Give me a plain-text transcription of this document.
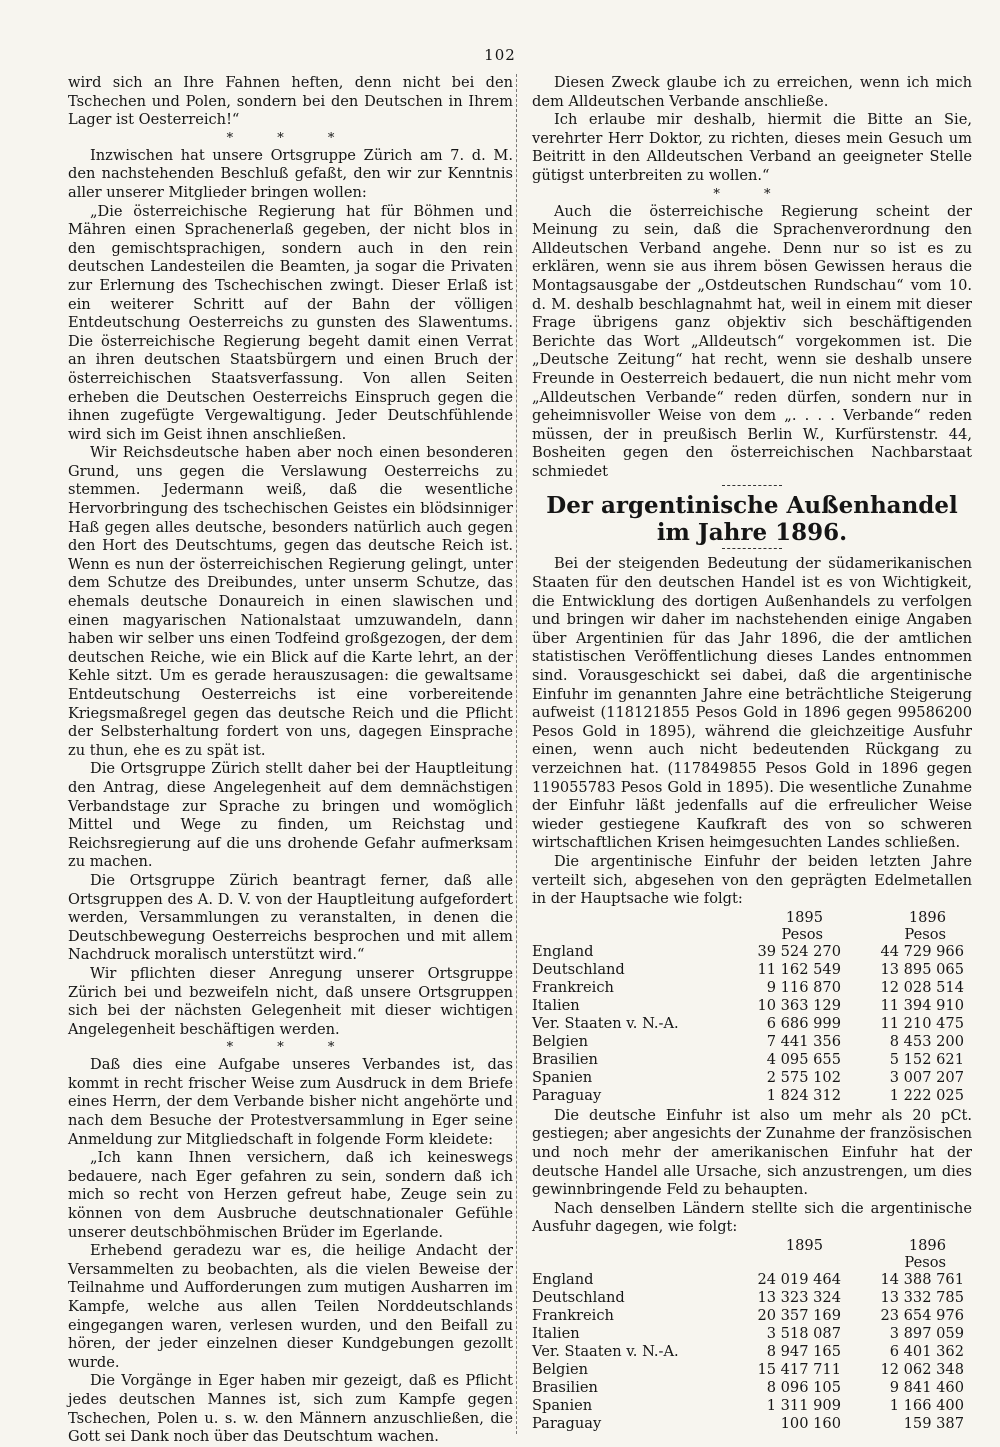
102

wird sich an Ihre Fahnen heften, denn nicht bei den Tschechen und Polen, sondern bei den Deutschen in Ihrem Lager ist Oesterreich!“

* * *

Inzwischen hat unsere Ortsgruppe Zürich am 7. d. M. den nachstehenden Beschluß gefaßt, den wir zur Kenntnis aller unserer Mitglieder bringen wollen:

„Die österreichische Regierung hat für Böhmen und Mähren einen Sprachenerlaß gegeben, der nicht blos in den gemischtsprachigen, sondern auch in den rein deutschen Landesteilen die Beamten, ja sogar die Privaten zur Erlernung des Tschechischen zwingt. Dieser Erlaß ist ein weiterer Schritt auf der Bahn der völligen Entdeutschung Oesterreichs zu gunsten des Slawentums. Die österreichische Regierung begeht damit einen Verrat an ihren deutschen Staatsbürgern und einen Bruch der österreichischen Staatsverfassung. Von allen Seiten erheben die Deutschen Oesterreichs Einspruch gegen die ihnen zugefügte Vergewaltigung. Jeder Deutschfühlende wird sich im Geist ihnen anschließen.

Wir Reichsdeutsche haben aber noch einen besonderen Grund, uns gegen die Verslawung Oesterreichs zu stemmen. Jedermann weiß, daß die wesentliche Hervorbringung des tschechischen Geistes ein blödsinniger Haß gegen alles deutsche, besonders natürlich auch gegen den Hort des Deutschtums, gegen das deutsche Reich ist. Wenn es nun der österreichischen Regierung gelingt, unter dem Schutze des Dreibundes, unter unserm Schutze, das ehemals deutsche Donaureich in einen slawischen und einen magyarischen Nationalstaat umzuwandeln, dann haben wir selber uns einen Todfeind großgezogen, der dem deutschen Reiche, wie ein Blick auf die Karte lehrt, an der Kehle sitzt. Um es gerade herauszusagen: die gewaltsame Entdeutschung Oesterreichs ist eine vorbereitende Kriegsmaßregel gegen das deutsche Reich und die Pflicht der Selbsterhaltung fordert von uns, dagegen Einsprache zu thun, ehe es zu spät ist.

Die Ortsgruppe Zürich stellt daher bei der Hauptleitung den Antrag, diese Angelegenheit auf dem demnächstigen Verbandstage zur Sprache zu bringen und womöglich Mittel und Wege zu finden, um Reichstag und Reichsregierung auf die uns drohende Gefahr aufmerksam zu machen.

Die Ortsgruppe Zürich beantragt ferner, daß alle Ortsgruppen des A. D. V. von der Hauptleitung aufgefordert werden, Versammlungen zu veranstalten, in denen die Deutschbewegung Oesterreichs besprochen und mit allem Nachdruck moralisch unterstützt wird.“

Wir pflichten dieser Anregung unserer Ortsgruppe Zürich bei und bezweifeln nicht, daß unsere Ortsgruppen sich bei der nächsten Gelegenheit mit dieser wichtigen Angelegenheit beschäftigen werden.

* * *

Daß dies eine Aufgabe unseres Verbandes ist, das kommt in recht frischer Weise zum Ausdruck in dem Briefe eines Herrn, der dem Verbande bisher nicht angehörte und nach dem Besuche der Protestversammlung in Eger seine Anmeldung zur Mitgliedschaft in folgende Form kleidete:

„Ich kann Ihnen versichern, daß ich keineswegs bedauere, nach Eger gefahren zu sein, sondern daß ich mich so recht von Herzen gefreut habe, Zeuge sein zu können von dem Ausbruche deutschnationaler Gefühle unserer deutschböhmischen Brüder im Egerlande.

Erhebend geradezu war es, die heilige Andacht der Versammelten zu beobachten, als die vielen Beweise der Teilnahme und Aufforderungen zum mutigen Ausharren im Kampfe, welche aus allen Teilen Norddeutschlands eingegangen waren, verlesen wurden, und den Beifall zu hören, der jeder einzelnen dieser Kundgebungen gezollt wurde.

Die Vorgänge in Eger haben mir gezeigt, daß es Pflicht jedes deutschen Mannes ist, sich zum Kampfe gegen Tschechen, Polen u. s. w. den Männern anzuschließen, die Gott sei Dank noch über das Deutschtum wachen.

Diesen Zweck glaube ich zu erreichen, wenn ich mich dem Alldeutschen Verbande anschließe.

Ich erlaube mir deshalb, hiermit die Bitte an Sie, verehrter Herr Doktor, zu richten, dieses mein Gesuch um Beitritt in den Alldeutschen Verband an geeigneter Stelle gütigst unterbreiten zu wollen.“

* *

Auch die österreichische Regierung scheint der Meinung zu sein, daß die Sprachenverordnung den Alldeutschen Verband angehe. Denn nur so ist es zu erklären, wenn sie aus ihrem bösen Gewissen heraus die Montagsausgabe der „Ostdeutschen Rundschau“ vom 10. d. M. deshalb beschlagnahmt hat, weil in einem mit dieser Frage übrigens ganz objektiv sich beschäftigenden Berichte das Wort „Alldeutsch“ vorgekommen ist. Die „Deutsche Zeitung“ hat recht, wenn sie deshalb unsere Freunde in Oesterreich bedauert, die nun nicht mehr vom „Alldeutschen Verbande“ reden dürfen, sondern nur in geheimnisvoller Weise von dem „. . . . Verbande“ reden müssen, der in preußisch Berlin W., Kurfürstenstr. 44, Bosheiten gegen den österreichischen Nachbarstaat schmiedet

Der argentinische Außenhandel
im Jahre 1896.

Bei der steigenden Bedeutung der südamerikanischen Staaten für den deutschen Handel ist es von Wichtigkeit, die Entwicklung des dortigen Außenhandels zu verfolgen und bringen wir daher im nachstehenden einige Angaben über Argentinien für das Jahr 1896, die der amtlichen statistischen Veröffentlichung dieses Landes entnommen sind. Vorausgeschickt sei dabei, daß die argentinische Einfuhr im genannten Jahre eine beträchtliche Steigerung aufweist (118121855 Pesos Gold in 1896 gegen 99586200 Pesos Gold in 1895), während die gleichzeitige Ausfuhr einen, wenn auch nicht bedeutenden Rückgang zu verzeichnen hat. (117849855 Pesos Gold in 1896 gegen 119055783 Pesos Gold in 1895). Die wesentliche Zunahme der Einfuhr läßt jedenfalls auf die erfreulicher Weise wieder gestiegene Kaufkraft des von so schweren wirtschaftlichen Krisen heimgesuchten Landes schließen.

Die argentinische Einfuhr der beiden letzten Jahre verteilt sich, abgesehen von den geprägten Edelmetallen in der Hauptsache wie folgt:

	1895	1896
	Pesos	Pesos
England	39 524 270	44 729 966
Deutschland	11 162 549	13 895 065
Frankreich	9 116 870	12 028 514
Italien	10 363 129	11 394 910
Ver. Staaten v. N.-A.	6 686 999	11 210 475
Belgien	7 441 356	8 453 200
Brasilien	4 095 655	5 152 621
Spanien	2 575 102	3 007 207
Paraguay	1 824 312	1 222 025

Die deutsche Einfuhr ist also um mehr als 20 pCt. gestiegen; aber angesichts der Zunahme der französischen und noch mehr der amerikanischen Einfuhr hat der deutsche Handel alle Ursache, sich anzustrengen, um dies gewinnbringende Feld zu behaupten.

Nach denselben Ländern stellte sich die argentinische Ausfuhr dagegen, wie folgt:

	1895	1896
		Pesos
England	24 019 464	14 388 761
Deutschland	13 323 324	13 332 785
Frankreich	20 357 169	23 654 976
Italien	3 518 087	3 897 059
Ver. Staaten v. N.-A.	8 947 165	6 401 362
Belgien	15 417 711	12 062 348
Brasilien	8 096 105	9 841 460
Spanien	1 311 909	1 166 400
Paraguay	100 160	159 387
